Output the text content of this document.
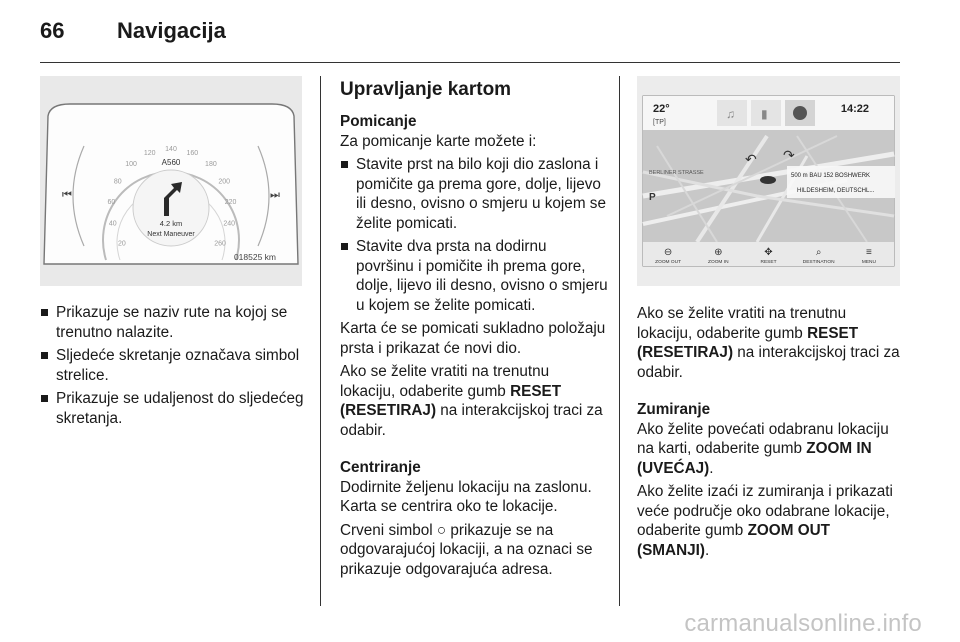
66 Navigacija
⏮	⏭
20
40
60
80
100
120
140
160
180
200
220
240
260
A560
4.2 km
Next Maneuver
018525 km
Prikazuje se naziv rute na kojoj se trenutno nalazite.
Sljedeće skretanje označava simbol strelice.
Prikazuje se udaljenost do sljedećeg skretanja.
Upravljanje kartom
Pomicanje

Za pomicanje karte možete i:

Stavite prst na bilo koji dio zaslona i pomičite ga prema gore, dolje, lijevo ili desno, ovisno o smjeru u kojem se želite pomicati.
Stavite dva prsta na dodirnu površinu i pomičite ih prema gore, dolje, lijevo ili desno, ovisno o smjeru u kojem se želite pomicati.

Karta će se pomicati sukladno položaju prsta i prikazat će novi dio.

Ako se želite vratiti na trenutnu lokaciju, odaberite gumb RESET (RESETIRAJ) na interakcijskoj traci za odabir.

Centriranje

Dodirnite željenu lokaciju na zaslonu. Karta se centrira oko te lokacije.

Crveni simbol ○ prikazuje se na odgovarajućoj lokaciji, a na oznaci se prikazuje odgovarajuća adresa.

22°
[TP]
♫ ▮	14:22
BERLINER STRASSE
↶ ↷
500 m BAU 152 BOSHWERK
HILDESHEIM, DEUTSCHL...
P
⊖
ZOOM OUT
⊕
ZOOM IN
✥
RESET
⌕
DESTINATION
≡
MENU

Ako se želite vratiti na trenutnu lokaciju, odaberite gumb RESET (RESETIRAJ) na interakcijskoj traci za odabir.

Zumiranje

Ako želite povećati odabranu lokaciju na karti, odaberite gumb ZOOM IN (UVEĆAJ).

Ako želite izaći iz zumiranja i prikazati veće područje oko odabrane lokacije, odaberite gumb ZOOM OUT (SMANJI).

carmanualsonline.info
